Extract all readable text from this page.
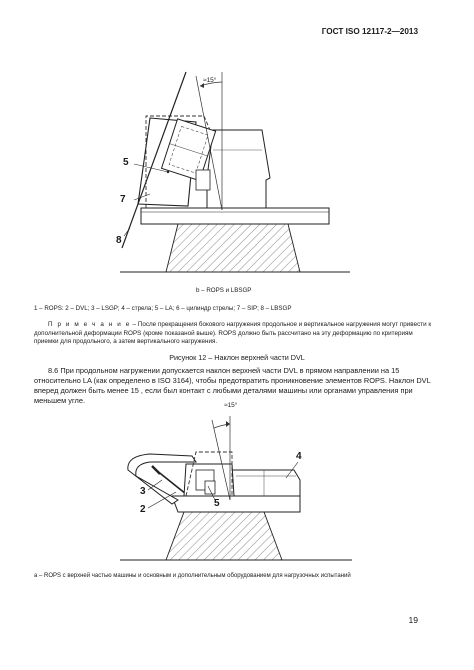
ГОСТ ISO 12117-2—2013
≈15°
5
7
8
b – ROPS и LBSGP
1 – ROPS: 2 – DVL; 3 – LSGP; 4 – стрела; 5 – LA; 6 – цилиндр стрелы; 7 – SIP; 8 – LBSGP
П р и м е ч а н и е – После прекращения бокового нагружения продольное и вертикальное нагружения могут привести к дополнительной деформации ROPS (кроме показаной выше). ROPS должно быть рассчитано на эту деформацию по критериям приемки для продольного, а затем вертикального нагружения.
Рисунок 12 – Наклон верхней части DVL
8.6 При продольном нагружении допускается наклон верхней части DVL в прямом направлении на 15 относительно LA (как определено в ISO 3164), чтобы предотвратить проникновение элементов ROPS. Наклон DVL вперед должен быть менее 15 , если был контакт с любыми деталями машины или органами управления при меньшем угле.
≈15°
3
2
4
5
a – ROPS с верхней частью машины и основным и дополнительным оборудованием для нагрузочных испытаний
19
